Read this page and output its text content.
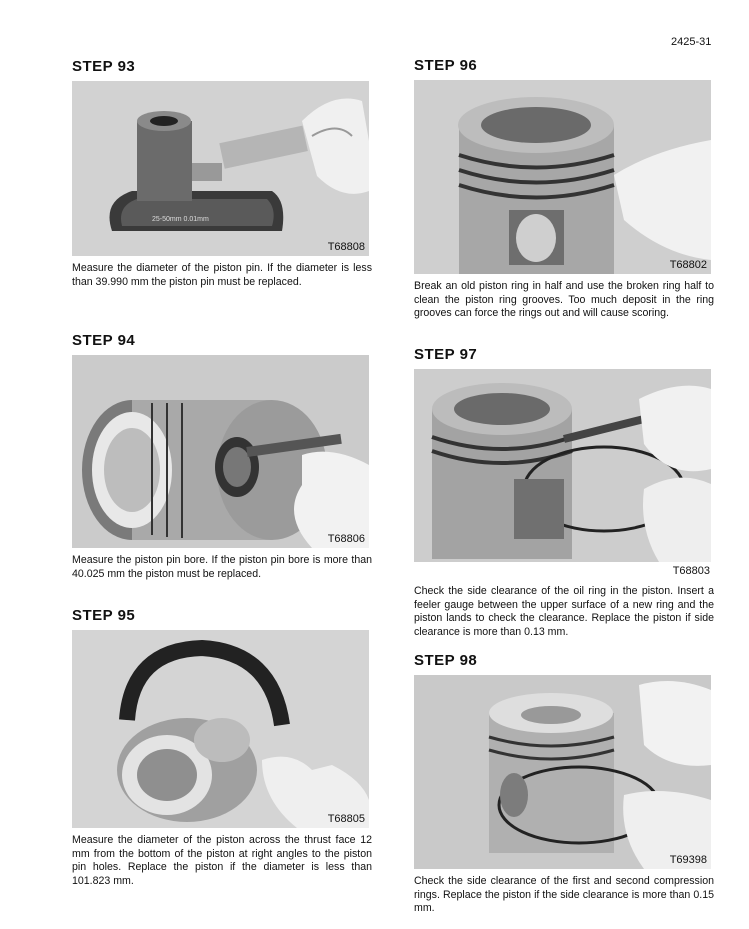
2425-31
STEP 93
25-50mm 0.01mm
T68808
Measure the diameter of the piston pin. If the diameter is less than 39.990 mm the piston pin must be replaced.
STEP 94
T68806
Measure the piston pin bore. If the piston pin bore is more than 40.025 mm the piston must be replaced.
STEP 95
T68805
Measure the diameter of the piston across the thrust face 12 mm from the bottom of the piston at right angles to the piston pin holes. Replace the piston if the diameter is less than 101.823 mm.
STEP 96
T68802
Break an old piston ring in half and use the broken ring half to clean the piston ring grooves. Too much deposit in the ring grooves can force the rings out and will cause scoring.
STEP 97
T68803
Check the side clearance of the oil ring in the piston. Insert a feeler gauge between the upper surface of a new ring and the piston lands to check the clearance. Replace the piston if side clearance is more than 0.13 mm.
STEP 98
T69398
Check the side clearance of the first and second compression rings. Replace the piston if the side clearance is more than 0.15 mm.
